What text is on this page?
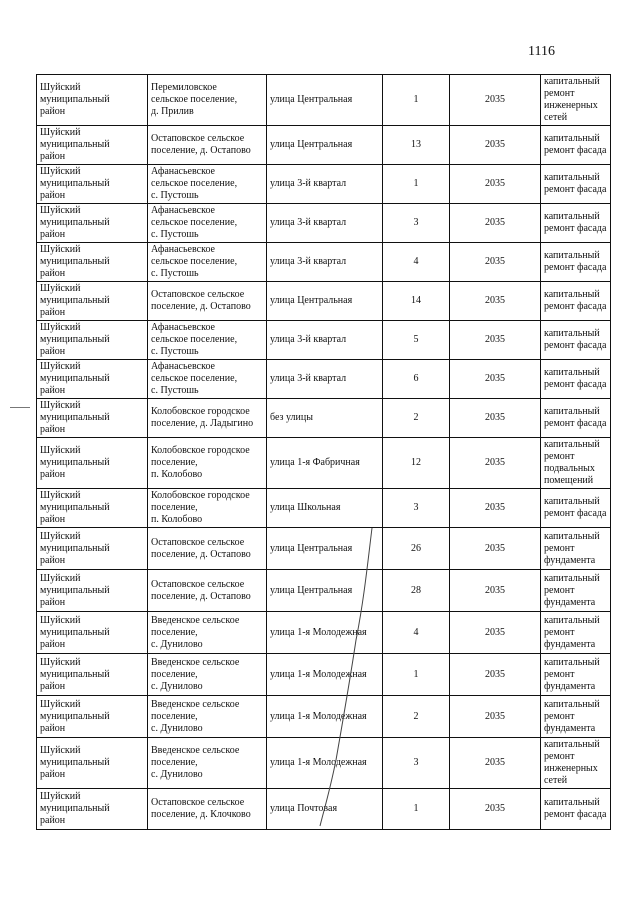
1116
Шуйский
муниципальный
район	Перемиловское
сельское поселение,
д. Прилив	улица Центральная	1	2035	капитальный
ремонт
инженерных
сетей
Шуйский
муниципальный
район	Остаповское сельское
поселение, д. Остапово	улица Центральная	13	2035	капитальный
ремонт фасада
Шуйский
муниципальный
район	Афанасьевское
сельское поселение,
с. Пустошь	улица 3-й квартал	1	2035	капитальный
ремонт фасада
Шуйский
муниципальный
район	Афанасьевское
сельское поселение,
с. Пустошь	улица 3-й квартал	3	2035	капитальный
ремонт фасада
Шуйский
муниципальный
район	Афанасьевское
сельское поселение,
с. Пустошь	улица 3-й квартал	4	2035	капитальный
ремонт фасада
Шуйский
муниципальный
район	Остаповское сельское
поселение, д. Остапово	улица Центральная	14	2035	капитальный
ремонт фасада
Шуйский
муниципальный
район	Афанасьевское
сельское поселение,
с. Пустошь	улица 3-й квартал	5	2035	капитальный
ремонт фасада
Шуйский
муниципальный
район	Афанасьевское
сельское поселение,
с. Пустошь	улица 3-й квартал	6	2035	капитальный
ремонт фасада
Шуйский
муниципальный
район	Колобовское городское
поселение, д. Ладыгино	без улицы	2	2035	капитальный
ремонт фасада
Шуйский
муниципальный
район	Колобовское городское
поселение,
п. Колобово	улица 1-я Фабричная	12	2035	капитальный
ремонт
подвальных
помещений
Шуйский
муниципальный
район	Колобовское городское
поселение,
п. Колобово	улица Школьная	3	2035	капитальный
ремонт фасада
Шуйский
муниципальный
район	Остаповское сельское
поселение, д. Остапово	улица Центральная	26	2035	капитальный
ремонт
фундамента
Шуйский
муниципальный
район	Остаповское сельское
поселение, д. Остапово	улица Центральная	28	2035	капитальный
ремонт
фундамента
Шуйский
муниципальный
район	Введенское сельское
поселение,
с. Дунилово	улица 1-я Молодежная	4	2035	капитальный
ремонт
фундамента
Шуйский
муниципальный
район	Введенское сельское
поселение,
с. Дунилово	улица 1-я Молодежная	1	2035	капитальный
ремонт
фундамента
Шуйский
муниципальный
район	Введенское сельское
поселение,
с. Дунилово	улица 1-я Молодежная	2	2035	капитальный
ремонт
фундамента
Шуйский
муниципальный
район	Введенское сельское
поселение,
с. Дунилово	улица 1-я Молодежная	3	2035	капитальный
ремонт
инженерных
сетей
Шуйский
муниципальный
район	Остаповское сельское
поселение, д. Клочково	улица Почтовая	1	2035	капитальный
ремонт фасада
